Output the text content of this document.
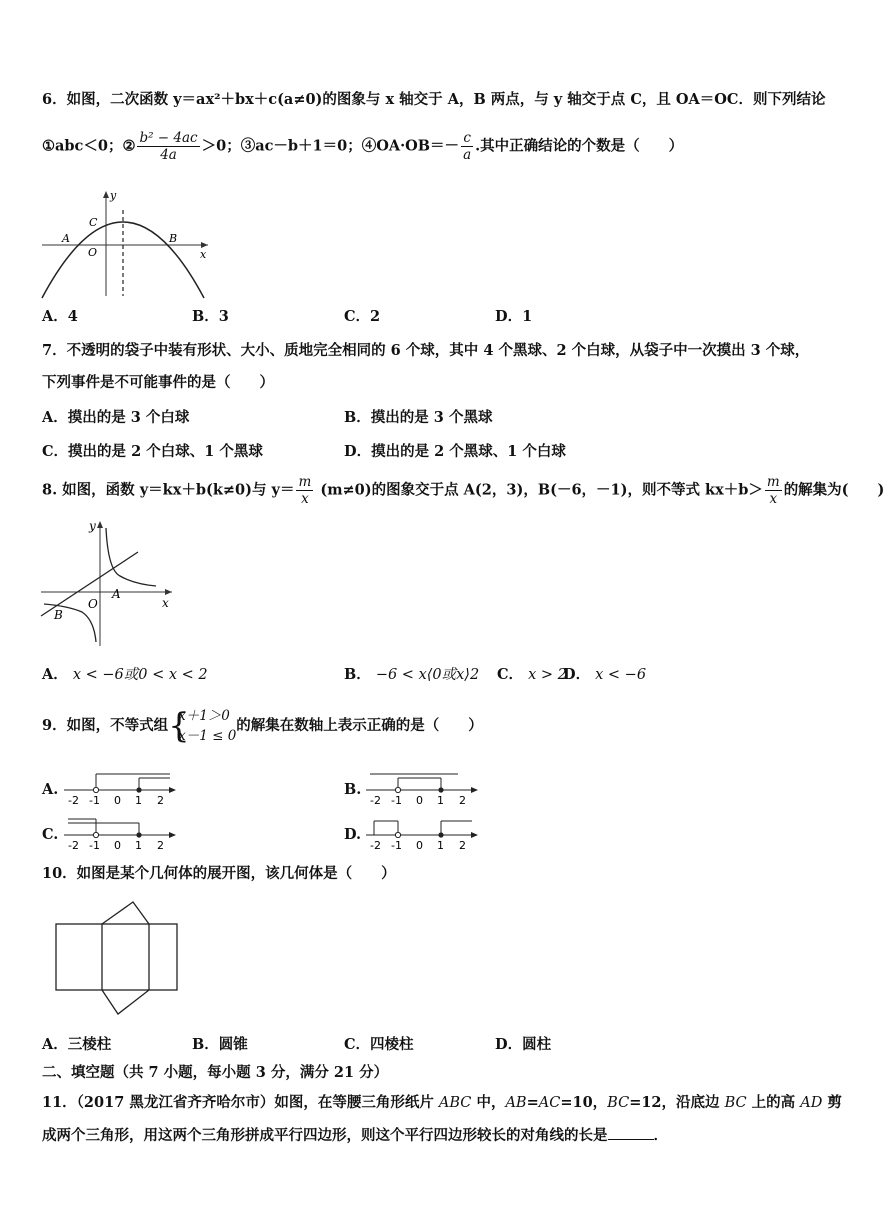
6．如图，二次函数 y＝ax²＋bx＋c(a≠0)的图象与 x 轴交于 A，B 两点，与 y 轴交于点 C，且 OA＝OC．则下列结论
①abc＜0；② $\frac{\text{b² − 4ac}}{4a} >0$；③ac－b＋1＝0；④OA·OB＝－ $\frac{c}{a}$ .其中正确结论的个数是（　　）
A	B
C
O	x
y
A．4	B．3	C．2	D．1
7．不透明的袋子中装有形状、大小、质地完全相同的 6 个球，其中 4 个黑球、2 个白球，从袋子中一次摸出 3 个球，
下列事件是不可能事件的是（　　）
A．摸出的是 3 个白球	B．摸出的是 3 个黑球
C．摸出的是 2 个白球、1 个黑球	D．摸出的是 2 个黑球、1 个白球
8. 如图，函数 y＝kx＋b(k≠0)与 $y= \frac{m}{x} (m\ne 0)$的图象交于点 A(2，3)，B(－6，－1)，则不等式 $kx+b> \frac{m}{x}$ 的解集为(　　)
A
B
O	x
y
A． x < −6或0 < x < 2	B． −6 < x⟨0或x⟩2 C． x > 2
D． x < −6
9．如图，不等式组 {
x＋1＞0
x－1 ≤ 0
的解集在数轴上表示正确的是（　　）
A.	B.
C.	D.
-2 -1 0 1 2	-2 -1 0 1 2
-2 -1 0 1 2	-2 -1 0 1 2
10．如图是某个几何体的展开图，该几何体是（　　）
A．三棱柱	B．圆锥	C．四棱柱	D．圆柱
二、填空题（共 7 小题，每小题 3 分，满分 21 分）
11．（2017 黑龙江省齐齐哈尔市）如图，在等腰三角形纸片 ABC 中，AB=AC=10，BC=12，沿底边 BC 上的高 AD 剪
成两个三角形，用这两个三角形拼成平行四边形，则这个平行四边形较长的对角线的长是	．
